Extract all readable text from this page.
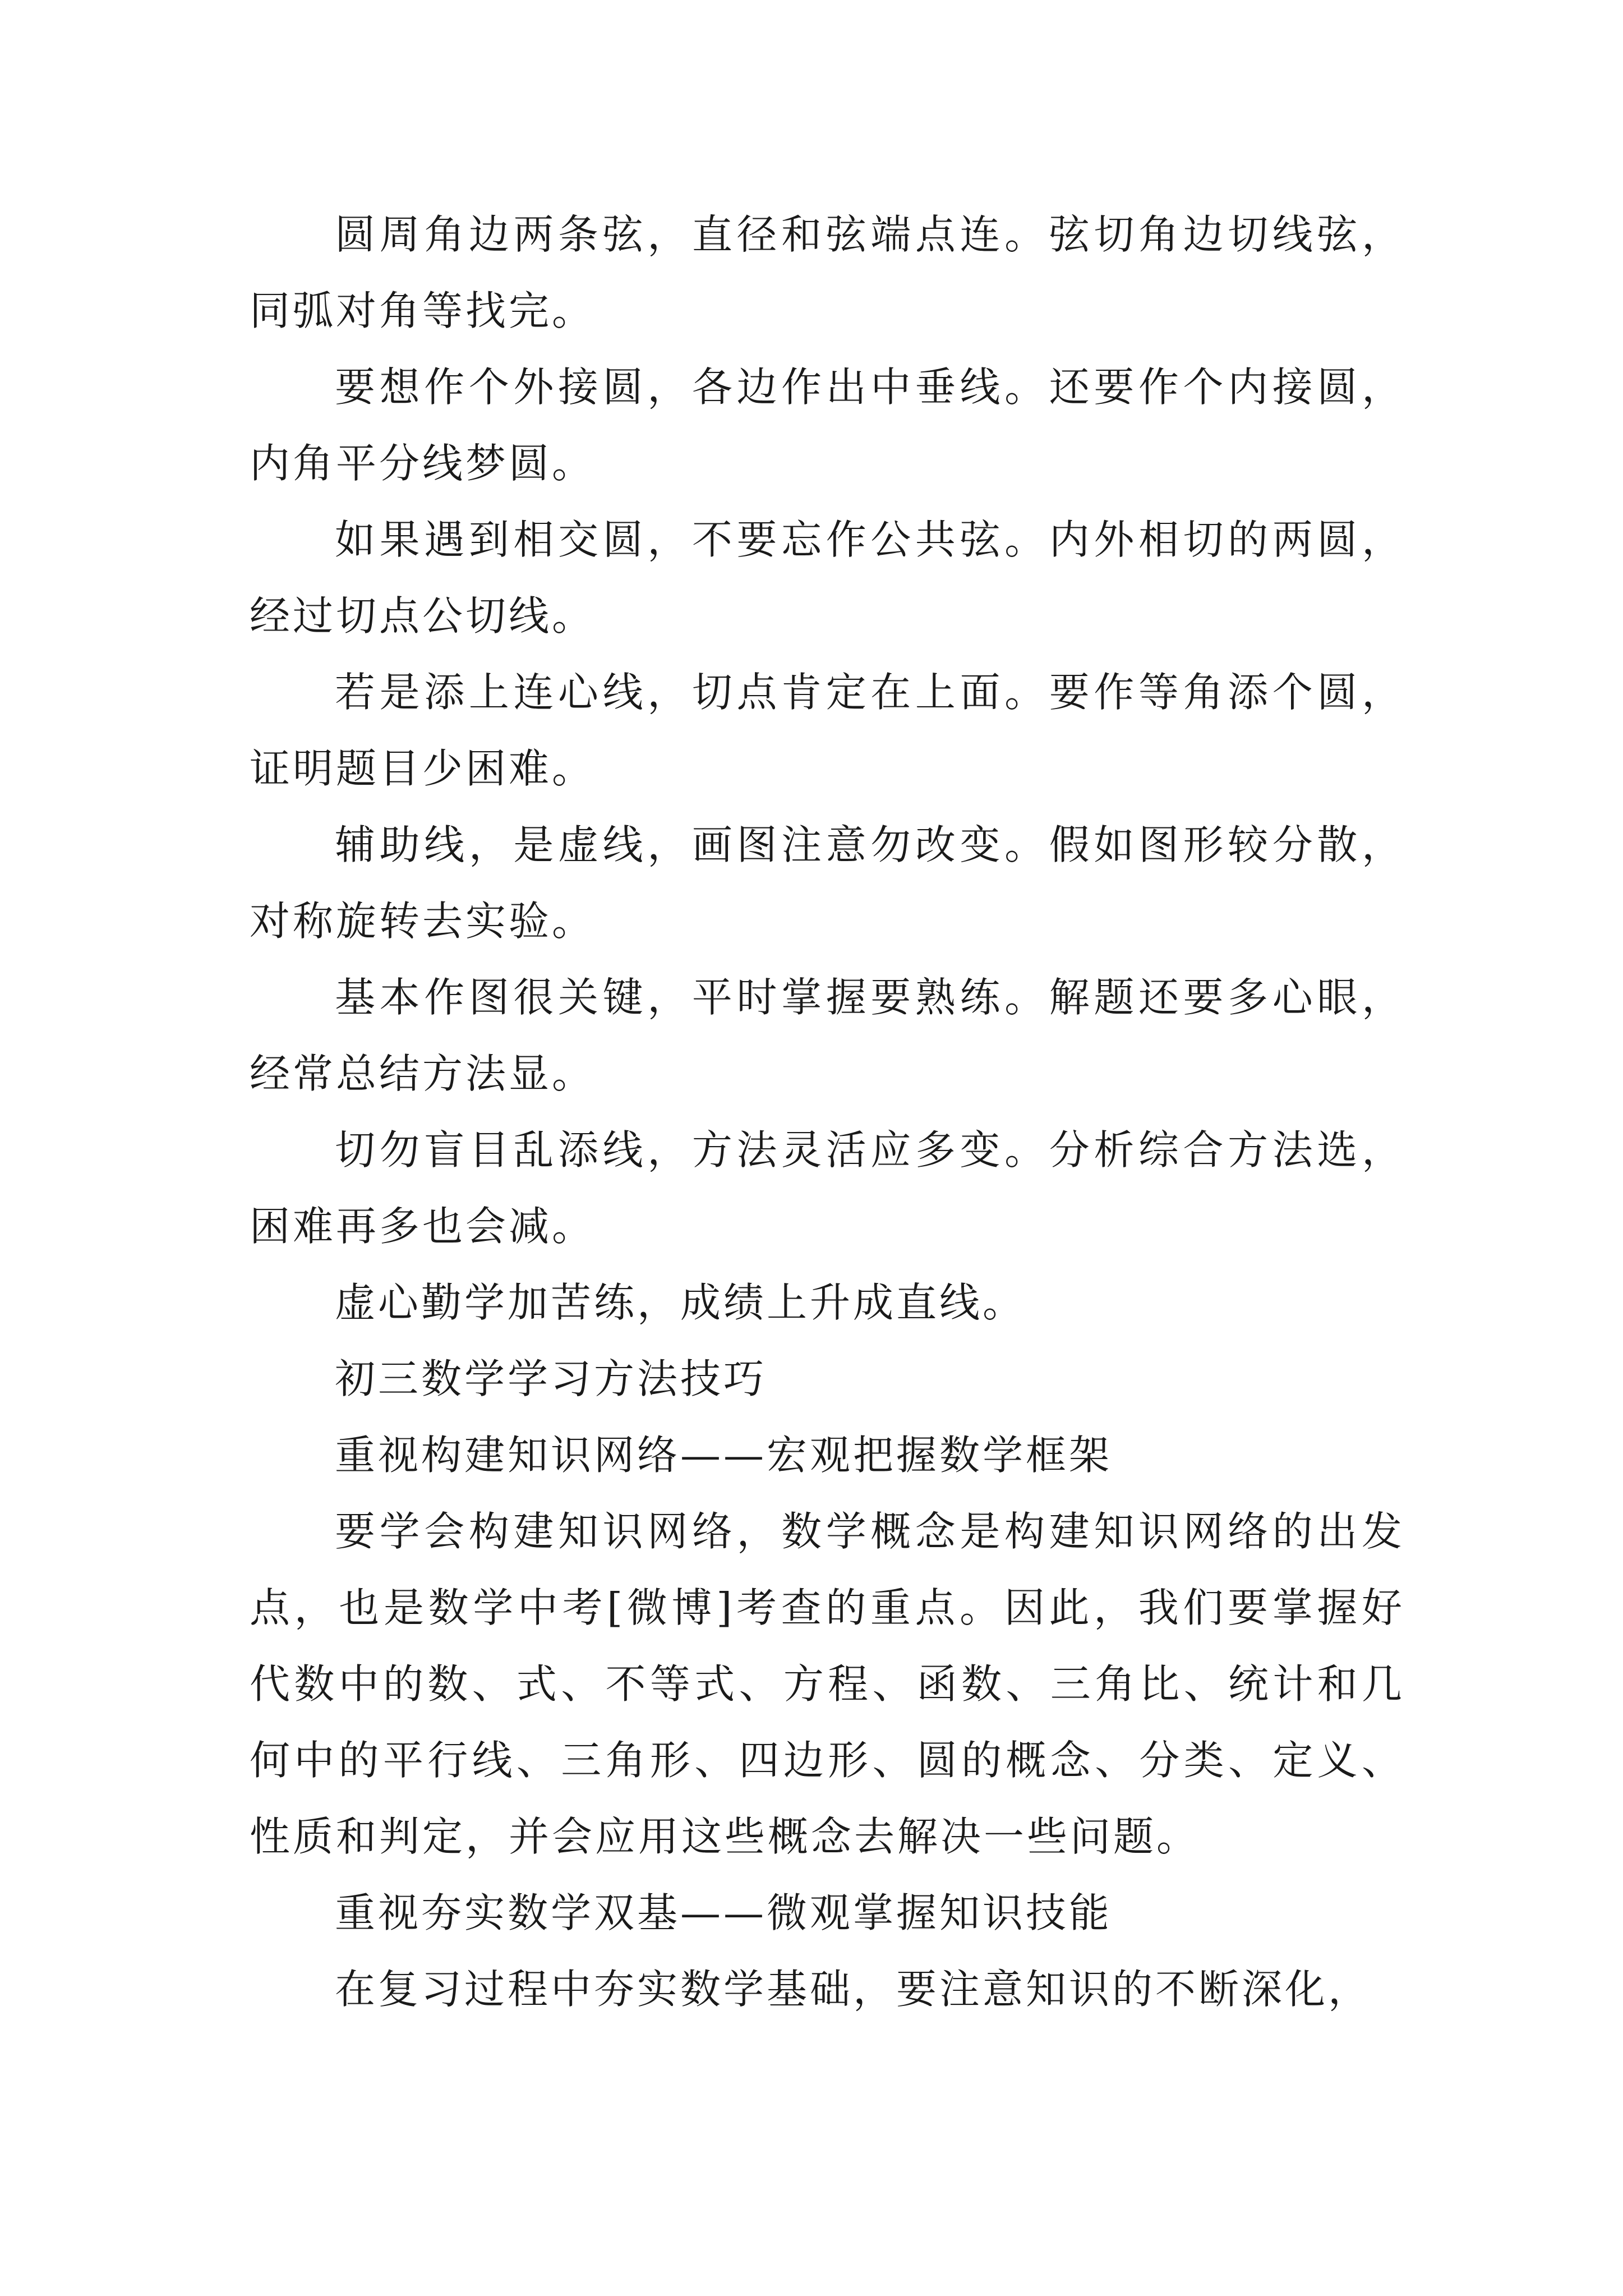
圆周角边两条弦，直径和弦端点连。弦切角边切线弦，同弧对角等找完。

要想作个外接圆，各边作出中垂线。还要作个内接圆，内角平分线梦圆。

如果遇到相交圆，不要忘作公共弦。内外相切的两圆，经过切点公切线。

若是添上连心线，切点肯定在上面。要作等角添个圆，证明题目少困难。

辅助线，是虚线，画图注意勿改变。假如图形较分散，对称旋转去实验。

基本作图很关键，平时掌握要熟练。解题还要多心眼，经常总结方法显。

切勿盲目乱添线，方法灵活应多变。分析综合方法选，困难再多也会减。

虚心勤学加苦练，成绩上升成直线。

初三数学学习方法技巧

重视构建知识网络——宏观把握数学框架

要学会构建知识网络，数学概念是构建知识网络的出发点，也是数学中考[微博]考查的重点。因此，我们要掌握好代数中的数、式、不等式、方程、函数、三角比、统计和几何中的平行线、三角形、四边形、圆的概念、分类、定义、性质和判定，并会应用这些概念去解决一些问题。

重视夯实数学双基——微观掌握知识技能

在复习过程中夯实数学基础，要注意知识的不断深化，
